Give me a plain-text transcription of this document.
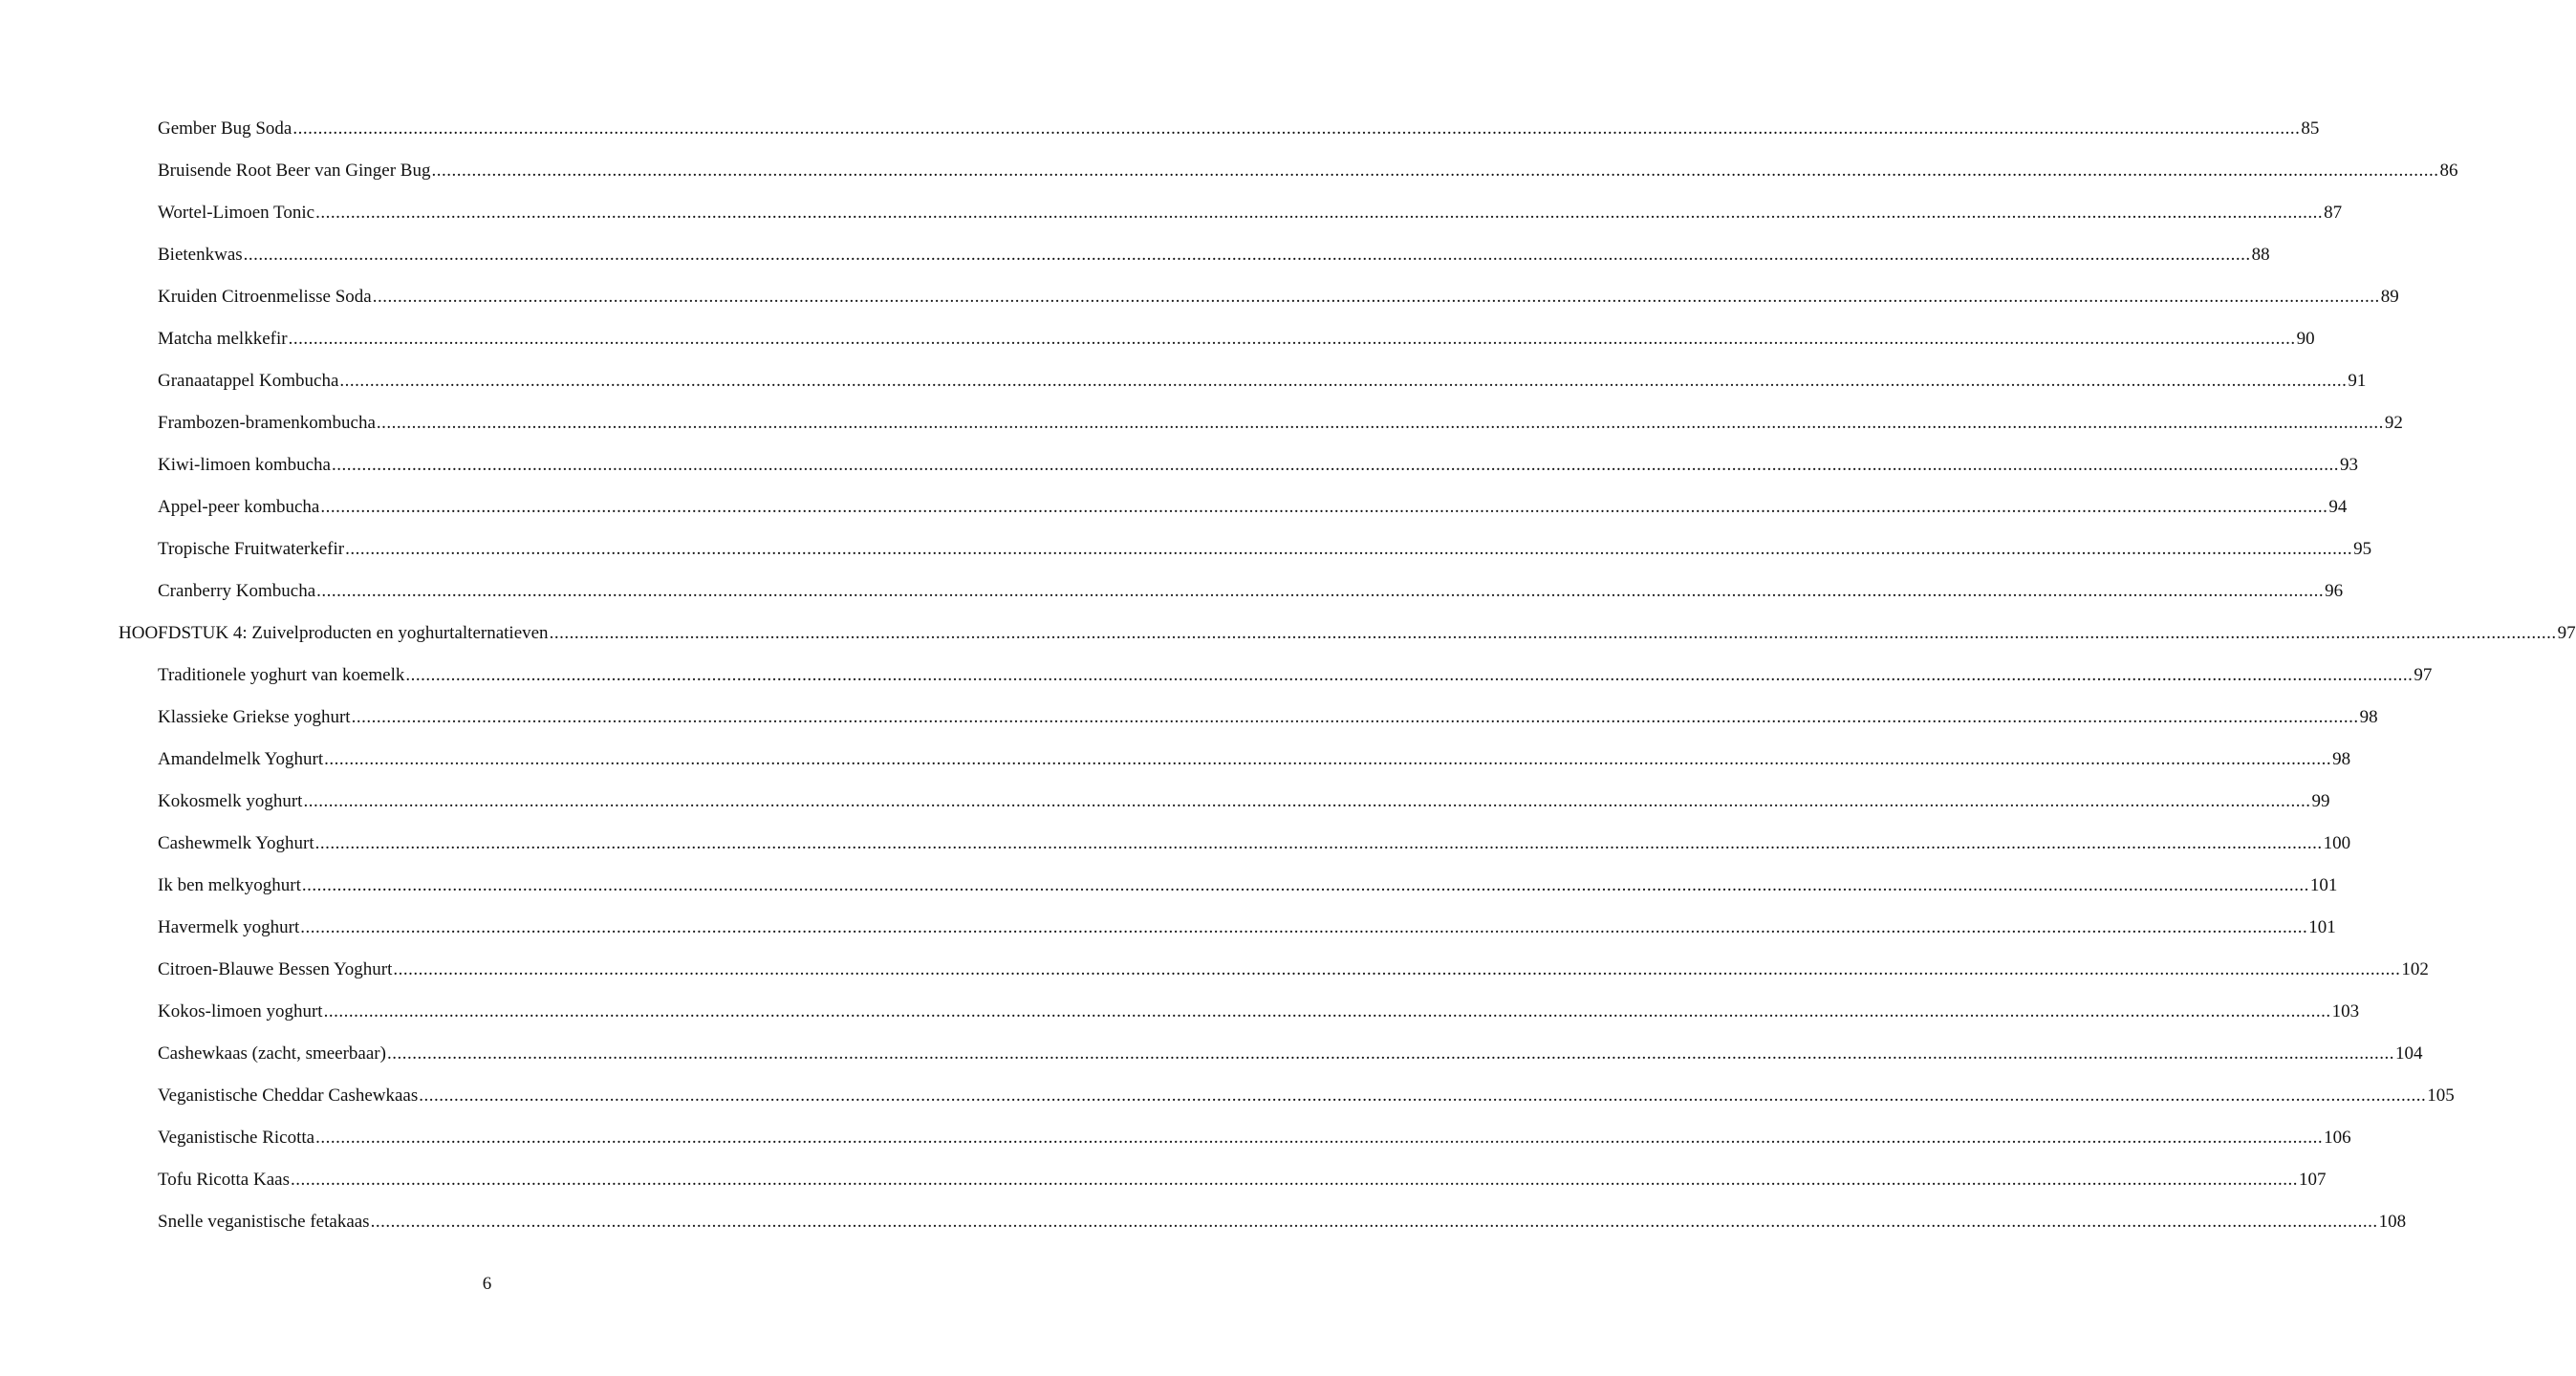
Gember Bug Soda ................................................................................................................................................................................................................................................................................................................................................................................................................ 85
Bruisende Root Beer van Ginger Bug ................................................................................................................................................................................................................................................................................................................................................................................................................ 86
Wortel-Limoen Tonic ................................................................................................................................................................................................................................................................................................................................................................................................................ 87
Bietenkwas ................................................................................................................................................................................................................................................................................................................................................................................................................ 88
Kruiden Citroenmelisse Soda ................................................................................................................................................................................................................................................................................................................................................................................................................ 89
Matcha melkkefir ................................................................................................................................................................................................................................................................................................................................................................................................................ 90
Granaatappel Kombucha ................................................................................................................................................................................................................................................................................................................................................................................................................ 91
Frambozen-bramenkombucha ................................................................................................................................................................................................................................................................................................................................................................................................................ 92
Kiwi-limoen kombucha ................................................................................................................................................................................................................................................................................................................................................................................................................ 93
Appel-peer kombucha ................................................................................................................................................................................................................................................................................................................................................................................................................ 94
Tropische Fruitwaterkefir ................................................................................................................................................................................................................................................................................................................................................................................................................ 95
Cranberry Kombucha ................................................................................................................................................................................................................................................................................................................................................................................................................ 96
HOOFDSTUK 4: Zuivelproducten en yoghurtalternatieven ................................................................................................................................................................................................................................................................................................................................................................................................................ 97
Traditionele yoghurt van koemelk ................................................................................................................................................................................................................................................................................................................................................................................................................ 97
Klassieke Griekse yoghurt ................................................................................................................................................................................................................................................................................................................................................................................................................ 98
Amandelmelk Yoghurt ................................................................................................................................................................................................................................................................................................................................................................................................................ 98
Kokosmelk yoghurt ................................................................................................................................................................................................................................................................................................................................................................................................................ 99
Cashewmelk Yoghurt ................................................................................................................................................................................................................................................................................................................................................................................................................ 100
Ik ben melkyoghurt ................................................................................................................................................................................................................................................................................................................................................................................................................ 101
Havermelk yoghurt ................................................................................................................................................................................................................................................................................................................................................................................................................ 101
Citroen-Blauwe Bessen Yoghurt ................................................................................................................................................................................................................................................................................................................................................................................................................ 102
Kokos-limoen yoghurt ................................................................................................................................................................................................................................................................................................................................................................................................................ 103
Cashewkaas (zacht, smeerbaar) ................................................................................................................................................................................................................................................................................................................................................................................................................ 104
Veganistische Cheddar Cashewkaas ................................................................................................................................................................................................................................................................................................................................................................................................................ 105
Veganistische Ricotta ................................................................................................................................................................................................................................................................................................................................................................................................................ 106
Tofu Ricotta Kaas ................................................................................................................................................................................................................................................................................................................................................................................................................ 107
Snelle veganistische fetakaas ................................................................................................................................................................................................................................................................................................................................................................................................................ 108
6
